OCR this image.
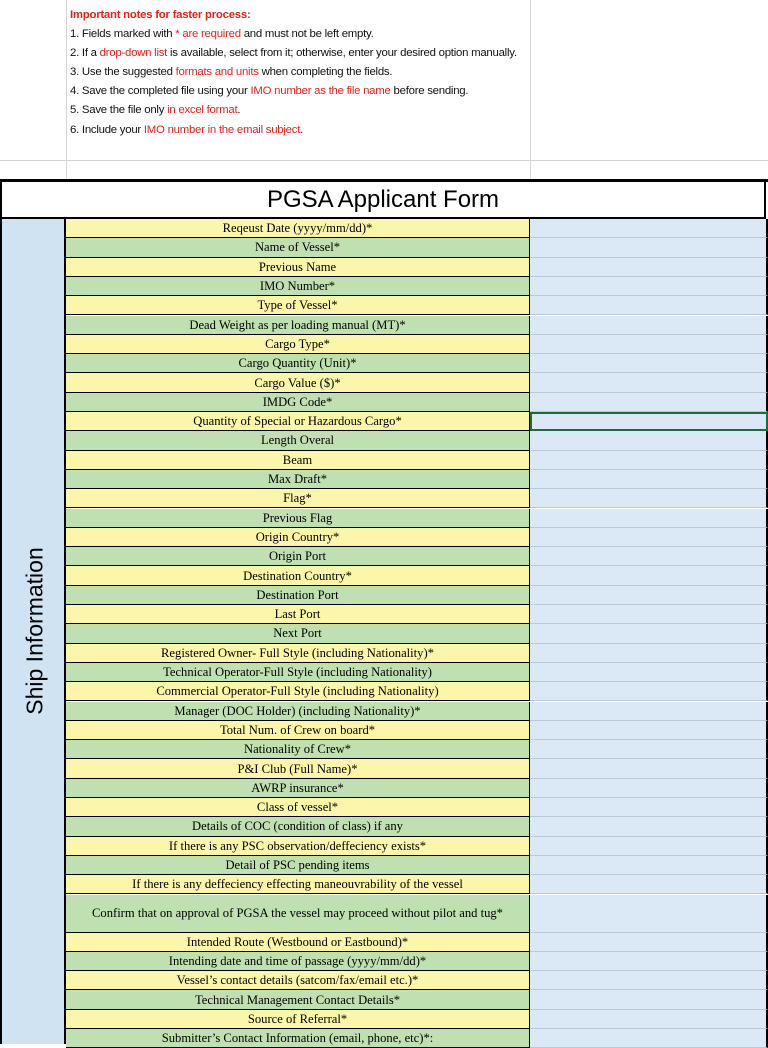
Important notes for faster process:

1. Fields marked with * are required and must not be left empty.

2. If a drop-down list is available, select from it; otherwise, enter your desired option manually.

3. Use the suggested formats and units when completing the fields.

4. Save the completed file using your IMO number as the file name before sending.

5. Save the file only in excel format.

6. Include your IMO number in the email subject.

PGSA Applicant Form
Ship Information
Reqeust Date (yyyy/mm/dd)*
Name of Vessel*
Previous Name
IMO Number*
Type of Vessel*
Dead Weight as per loading manual (MT)*
Cargo Type*
Cargo Quantity (Unit)*
Cargo Value ($)*
IMDG Code*
Quantity of Special or Hazardous Cargo*
Length Overal
Beam
Max Draft*
Flag*
Previous Flag
Origin Country*
Origin Port
Destination Country*
Destination Port
Last Port
Next Port
Registered Owner- Full Style (including Nationality)*
Technical Operator-Full Style (including Nationality)
Commercial Operator-Full Style (including Nationality)
Manager (DOC Holder) (including Nationality)*
Total Num. of Crew on board*
Nationality of Crew*
P&I Club (Full Name)*
AWRP insurance*
Class of vessel*
Details of COC (condition of class) if any
If there is any PSC observation/deffeciency exists*
Detail of PSC pending items
If there is any deffeciency effecting maneouvrability of the vessel
Confirm that on approval of PGSA the vessel may proceed without pilot and tug*
Intended Route (Westbound or Eastbound)*
Intending date and time of passage (yyyy/mm/dd)*
Vessel’s contact details (satcom/fax/email etc.)*
Technical Management Contact Details*
Source of Referral*
Submitter’s Contact Information (email, phone, etc)*:
